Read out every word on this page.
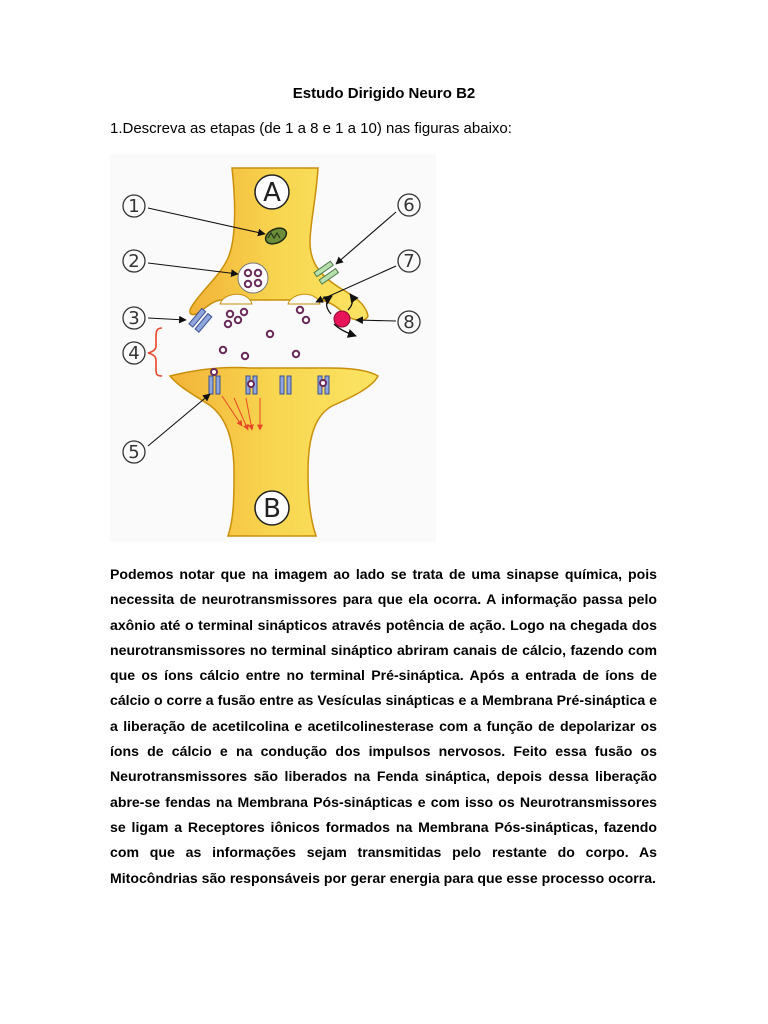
Estudo Dirigido Neuro B2
1.Descreva as etapas (de 1 a 8 e 1 a 10) nas figuras abaixo:
A
B
1
2
3
4
5
6
7
8

Podemos notar que na imagem ao lado se trata de uma sinapse química, pois necessita de neurotransmissores para que ela ocorra. A informação passa pelo axônio até o terminal sinápticos através potência de ação. Logo na chegada dos neurotransmissores no terminal sináptico abriram canais de cálcio, fazendo com que os íons cálcio entre no terminal Pré-sináptica. Após a entrada de íons de cálcio o corre a fusão entre as Vesículas sinápticas e a Membrana Pré-sináptica e a liberação de acetilcolina e acetilcolinesterase com a função de depolarizar os íons de cálcio e na condução dos impulsos nervosos. Feito essa fusão os Neurotransmissores são liberados na Fenda sináptica, depois dessa liberação abre-se fendas na Membrana Pós-sinápticas e com isso os Neurotransmissores se ligam a Receptores iônicos formados na Membrana Pós-sinápticas, fazendo com que as informações sejam transmitidas pelo restante do corpo. As Mitocôndrias são responsáveis por gerar energia para que esse processo ocorra.
